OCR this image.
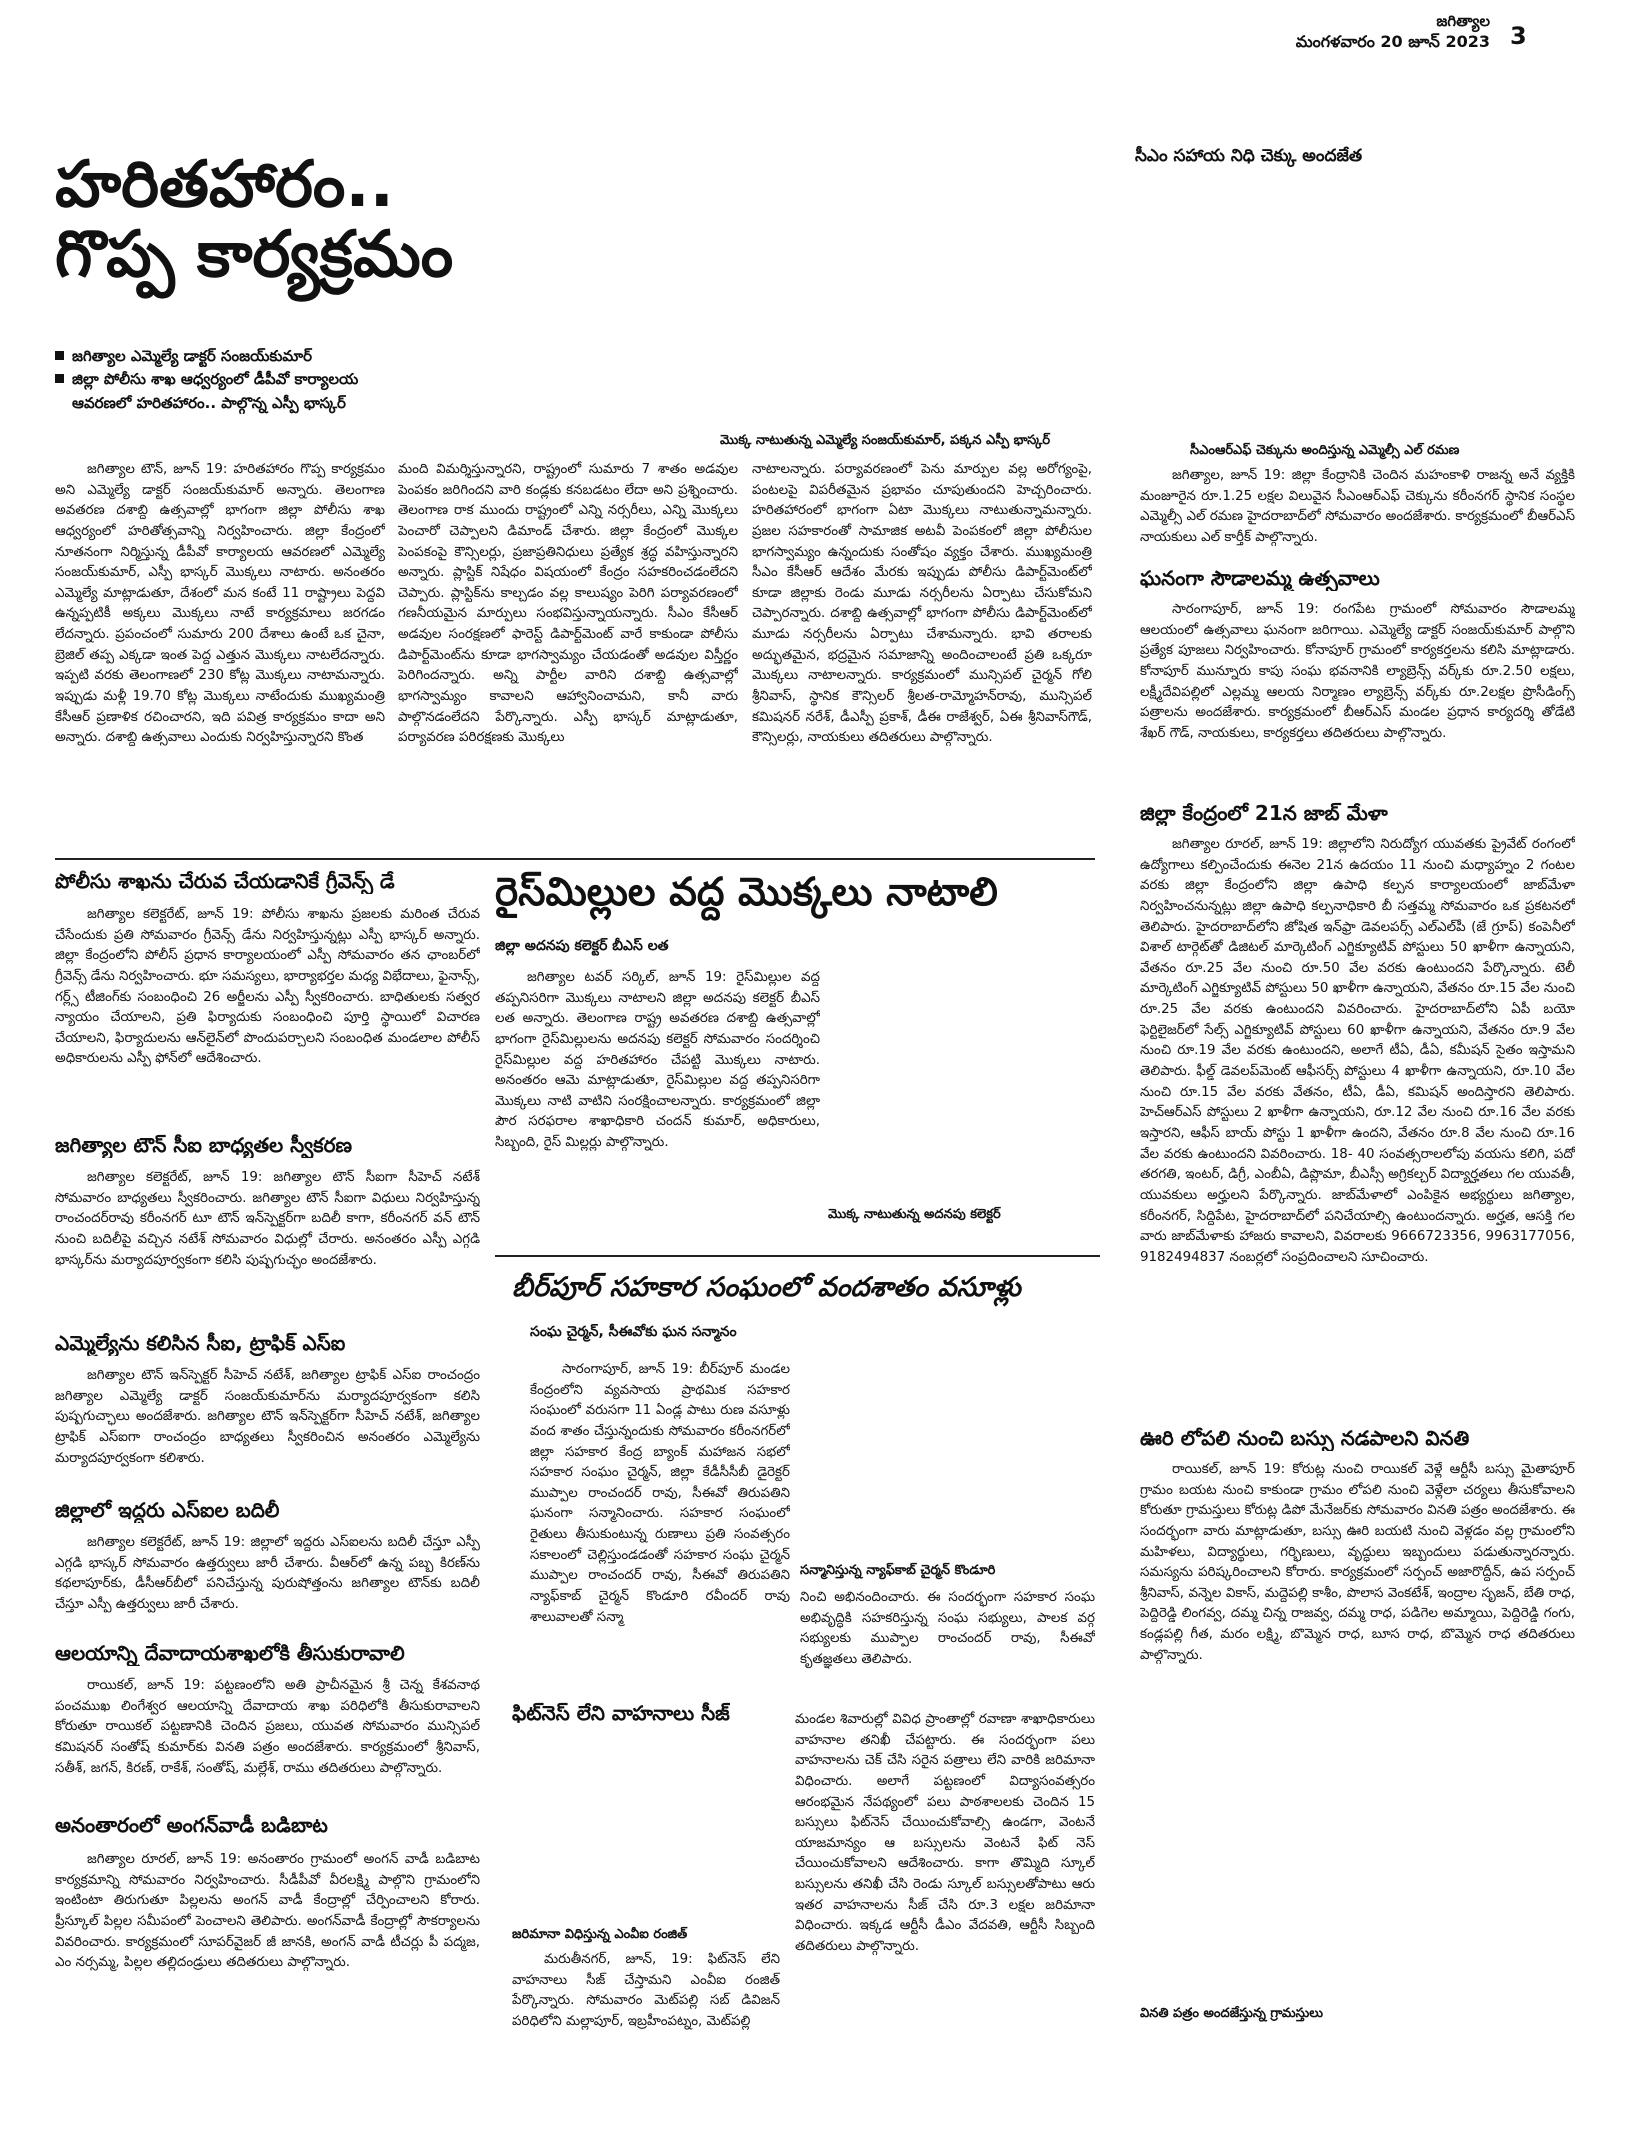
జగిత్యాల
మంగళవారం 20 జూన్‌ 2023 3
హరితహారం..
గొప్ప కార్యక్రమం
జగిత్యాల ఎమ్మెల్యే డాక్టర్‌ సంజయ్‌కుమార్‌
జిల్లా పోలీసు శాఖ ఆధ్వర్యంలో డీపీవో కార్యాలయ
ఆవరణలో హరితహారం.. పాల్గొన్న ఎస్పీ భాస్కర్‌
మొక్క నాటుతున్న ఎమ్మెల్యే సంజయ్‌కుమార్‌, పక్కన ఎస్పీ భాస్కర్‌

జగిత్యాల టౌన్‌, జూన్‌ 19: హరితహారం గొప్ప కార్యక్రమం అని ఎమ్మెల్యే డాక్టర్‌ సంజయ్‌కుమార్‌ అన్నారు. తెలంగాణ అవతరణ దశాబ్ది ఉత్సవాల్లో భాగంగా జిల్లా పోలీసు శాఖ ఆధ్వర్యంలో హరితోత్సవాన్ని నిర్వహించారు. జిల్లా కేంద్రంలో నూతనంగా నిర్మిస్తున్న డీపీవో కార్యాలయ ఆవరణలో ఎమ్మెల్యే సంజయ్‌కుమార్‌, ఎస్పీ భాస్కర్‌ మొక్కలు నాటారు. అనంతరం ఎమ్మెల్యే మాట్లాడుతూ, దేశంలో మన కంటే 11 రాష్ట్రాలు పెద్దవి ఉన్నప్పటికీ అక్కలు మొక్కలు నాటే కార్యక్రమాలు జరగడం లేదన్నారు. ప్రపంచంలో సుమారు 200 దేశాలు ఉంటే ఒక చైనా, బ్రెజిల్‌ తప్ప ఎక్కడా ఇంత పెద్ద ఎత్తున మొక్కలు నాటలేదన్నారు. ఇప్పటి వరకు తెలంగాణలో 230 కోట్ల మొక్కలు నాటామన్నారు. ఇప్పుడు మళ్లీ 19.70 కోట్ల మొక్కలు నాటేందుకు ముఖ్యమంత్రి కేసీఆర్‌ ప్రణాళిక రచించారని, ఇది పవిత్ర కార్యక్రమం కాదా అని అన్నారు. దశాబ్ది ఉత్సవాలు ఎందుకు నిర్వహిస్తున్నారని కొంత

మంది విమర్శిస్తున్నారని, రాష్ట్రంలో సుమారు 7 శాతం అడవుల పెంపకం జరిగిందని వారి కండ్లకు కనబడటం లేదా అని ప్రశ్నించారు. తెలంగాణ రాక ముందు రాష్ట్రంలో ఎన్ని నర్సరీలు, ఎన్ని మొక్కలు పెంచారో చెప్పాలని డిమాండ్‌ చేశారు. జిల్లా కేంద్రంలో మొక్కల పెంపకంపై కౌన్సిలర్లు, ప్రజాప్రతినిధులు ప్రత్యేక శ్రద్ధ వహిస్తున్నారని అన్నారు. ప్లాస్టిక్‌ నిషేధం విషయంలో కేంద్రం సహకరించడంలేదని చెప్పారు. ప్లాస్టిక్‌ను కాల్చడం వల్ల కాలుష్యం పెరిగి పర్యావరణంలో గణనీయమైన మార్పులు సంభవిస్తున్నాయన్నారు. సీఎం కేసీఆర్‌ అడవుల సంరక్షణలో ఫారెస్ట్‌ డిపార్ట్‌మెంట్‌ వారే కాకుండా పోలీసు డిపార్ట్‌మెంట్‌ను కూడా భాగస్వామ్యం చేయడంతో అడవుల విస్తీర్ణం పెరిగిందన్నారు. అన్ని పార్టీల వారిని దశాబ్ది ఉత్సవాల్లో భాగస్వామ్యం కావాలని ఆహ్వానించామని, కానీ వారు పాల్గొనడంలేదని పేర్కొన్నారు. ఎస్పీ భాస్కర్‌ మాట్లాడుతూ, పర్యావరణ పరిరక్షణకు మొక్కలు

నాటాలన్నారు. పర్యావరణంలో పెను మార్పుల వల్ల అరోగ్యంపై, పంటలపై విపరీతమైన ప్రభావం చూపుతుందని హెచ్చరించారు. హరితహారంలో భాగంగా ఏటా మొక్కలు నాటుతున్నామన్నారు. ప్రజల సహకారంతో సామాజిక అటవీ పెంపకంలో జిల్లా పోలీసుల భాగస్వామ్యం ఉన్నందుకు సంతోషం వ్యక్తం చేశారు. ముఖ్యమంత్రి సీఎం కేసీఆర్‌ ఆదేశం మేరకు ఇప్పుడు పోలీసు డిపార్ట్‌మెంట్‌లో కూడా జిల్లాకు రెండు మూడు నర్సరీలను ఏర్పాటు చేసుకోమని చెప్పారన్నారు. దశాబ్ది ఉత్సవాల్లో భాగంగా పోలీసు డిపార్ట్‌మెంట్‌లో మూడు నర్సరీలను ఏర్పాటు చేశామన్నారు. భావి తరాలకు అద్భుతమైన, భద్రమైన సమాజాన్ని అందించాలంటే ప్రతి ఒక్కరూ మొక్కలు నాటాలన్నారు. కార్యక్రమంలో మున్సిపల్‌ చైర్మన్‌ గోలి శ్రీనివాస్‌, స్థానిక కౌన్సిలర్‌ శ్రీలత-రామ్మోహన్‌రావు, మున్సిపల్‌ కమిషనర్‌ నరేశ్‌, డీఎస్పీ ప్రకాశ్‌, డీఈ రాజేశ్వర్‌, ఏఈ శ్రీనివాస్‌గౌడ్‌, కౌన్సిలర్లు, నాయకులు తదితరులు పాల్గొన్నారు.

సీఎం సహాయ నిధి చెక్కు అందజేత
సీఎంఆర్‌ఎఫ్‌ చెక్కును అందిస్తున్న ఎమ్మెల్సీ ఎల్‌ రమణ

జగిత్యాల, జూన్‌ 19: జిల్లా కేంద్రానికి చెందిన మహంకాళి రాజన్న అనే వ్యక్తికి మంజూరైన రూ.1.25 లక్షల విలువైన సీఎంఆర్‌ఎఫ్‌ చెక్కును కరీంనగర్‌ స్థానిక సంస్థల ఎమ్మెల్సీ ఎల్‌ రమణ హైదరాబాద్‌లో సోమవారం అందజేశారు. కార్యక్రమంలో బీఆర్‌ఎస్‌ నాయకులు ఎల్‌ కార్తీక్‌ పాల్గొన్నారు.

ఘనంగా సౌడాలమ్మ ఉత్సవాలు

సారంగాపూర్‌, జూన్‌ 19: రంగపేట గ్రామంలో సోమవారం సౌడాలమ్మ ఆలయంలో ఉత్సవాలు ఘనంగా జరిగాయి. ఎమ్మెల్యే డాక్టర్‌ సంజయ్‌కుమార్‌ పాల్గొని ప్రత్యేక పూజలు నిర్వహించారు. కోనాపూర్‌ గ్రామంలో కార్యకర్తలను కలిసి మాట్లాడారు. కోనాపూర్‌ మున్నూరు కాపు సంఘ భవనానికి ల్యాబ్రెన్స్‌ వర్క్‌కు రూ.2.50 లక్షలు, లక్ష్మీదేవిపల్లిలో ఎల్లమ్మ ఆలయ నిర్మాణం ల్యాబ్రెన్స్‌ వర్క్‌కు రూ.2లక్షల ప్రొసీడింగ్స్‌ పత్రాలను అందజేశారు. కార్యక్రమంలో బీఆర్‌ఎస్‌ మండల ప్రధాన కార్యదర్శి తోడేటి శేఖర్‌ గౌడ్‌, నాయకులు, కార్యకర్తలు తదితరులు పాల్గొన్నారు.

జిల్లా కేంద్రంలో 21న జాబ్‌ మేళా

జగిత్యాల రూరల్‌, జూన్‌ 19: జిల్లాలోని నిరుద్యోగ యువతకు ప్రైవేట్‌ రంగంలో ఉద్యోగాలు కల్పించేందుకు ఈనెల 21న ఉదయం 11 నుంచి మధ్యాహ్నం 2 గంటల వరకు జిల్లా కేంద్రంలోని జిల్లా ఉపాధి కల్పన కార్యాలయంలో జాబ్‌మేళా నిర్వహించనున్నట్లు జిల్లా ఉపాధి కల్పనాధికారి బీ సత్తమ్మ సోమవారం ఒక ప్రకటనలో తెలిపారు. హైదరాబాద్‌లోని జోషిత ఇన్‌ఫ్రా డెవలపర్స్‌ ఎల్‌ఎల్‌పీ (జే గ్రూప్‌) కంపెనీలో విశాల్‌ టార్గెట్‌తో డిజిటల్‌ మార్కెటింగ్‌ ఎగ్జిక్యూటివ్‌ పోస్టులు 50 ఖాళీగా ఉన్నాయని, వేతనం రూ.25 వేల నుంచి రూ.50 వేల వరకు ఉంటుందని పేర్కొన్నారు. టెలీ మార్కెటింగ్‌ ఎగ్జిక్యూటివ్‌ పోస్టులు 50 ఖాళీగా ఉన్నాయని, వేతనం రూ.15 వేల నుంచి రూ.25 వేల వరకు ఉంటుందని వివరించారు. హైదరాబాద్‌లోని ఏపీ బయో ఫెర్టిలైజర్‌లో సేల్స్‌ ఎగ్జిక్యూటివ్‌ పోస్టులు 60 ఖాళీగా ఉన్నాయని, వేతనం రూ.9 వేల నుంచి రూ.19 వేల వరకు ఉంటుందని, అలాగే టీఏ, డీఏ, కమీషన్‌ సైతం ఇస్తామని తెలిపారు. ఫీల్డ్‌ డెవలప్‌మెంట్‌ ఆఫీసర్స్‌ పోస్టులు 4 ఖాళీగా ఉన్నాయని, రూ.10 వేల నుంచి రూ.15 వేల వరకు వేతనం, టీఏ, డీఏ, కమిషన్‌ అందిస్తారని తెలిపారు. హెచ్‌ఆర్‌ఎస్‌ పోస్టులు 2 ఖాళీగా ఉన్నాయని, రూ.12 వేల నుంచి రూ.16 వేల వరకు ఇస్తారని, ఆఫీస్‌ బాయ్‌ పోస్టు 1 ఖాళీగా ఉందని, వేతనం రూ.8 వేల నుంచి రూ.16 వేల వరకు ఉంటుందని వివరించారు. 18- 40 సంవత్సరాలలోపు వయసు కలిగి, పదో తరగతి, ఇంటర్‌, డిగ్రీ, ఎంబీఏ, డిప్లొమా, బీఎస్సీ అగ్రికల్చర్‌ విద్యార్హతలు గల యువతీ, యువకులు అర్హులని పేర్కొన్నారు. జాబ్‌మేళాలో ఎంపికైన అభ్యర్థులు జగిత్యాల, కరీంనగర్‌, సిద్దిపేట, హైదరాబాద్‌లో పనిచేయాల్సి ఉంటుందన్నారు. అర్హత, ఆసక్తి గల వారు జాబ్‌మేళాకు హాజరు కావాలని, వివరాలకు 9666723356, 9963177056, 9182494837 నంబర్లలో సంప్రదించాలని సూచించారు.

ఊరి లోపలి నుంచి బస్సు నడపాలని వినతి

రాయికల్‌, జూన్‌ 19: కోరుట్ల నుంచి రాయికల్‌ వెళ్లే ఆర్టీసీ బస్సు మైతాపూర్‌ గ్రామం బయట నుంచి కాకుండా గ్రామం లోపలి నుంచి వెళ్లేలా చర్యలు తీసుకోవాలని కోరుతూ గ్రామస్తులు కోరుట్ల డిపో మేనేజర్‌కు సోమవారం వినతి పత్రం అందజేశారు. ఈ సందర్భంగా వారు మాట్లాడుతూ, బస్సు ఊరి బయటి నుంచి వెళ్లడం వల్ల గ్రామంలోని మహిళలు, విద్యార్థులు, గర్భిణులు, వృద్ధులు ఇబ్బందులు పడుతున్నారన్నారు. సమస్యను పరిష్కరించాలని కోరారు. కార్యక్రమంలో సర్పంచ్‌ అజారొద్దీన్‌, ఉప సర్పంచ్‌ శ్రీనివాస్‌, వన్నెల వికాస్‌, మద్దెపల్లి కాశీం, పొలాస వెంకటేశ్‌, ఇంద్రాల సృజన్‌, బేతి రాధ, పెద్దిరెడ్డి లింగవ్వ, దమ్మ చిన్న రాజవ్వ, దమ్మ రాధ, పడిగెల అమ్మాయి, పెద్దిరెడ్డి గంగు, కండ్లపల్లి గీత, మరం లక్ష్మి, బొమ్మెన రాధ, బూస రాధ, బొమ్మెన రాధ తదితరులు పాల్గొన్నారు.

వినతి పత్రం అందజేస్తున్న గ్రామస్తులు
పోలీసు శాఖను చేరువ చేయడానికే గ్రీవెన్స్‌ డే

జగిత్యాల కలెక్టరేట్‌, జూన్‌ 19: పోలీసు శాఖను ప్రజలకు మరింత చేరువ చేసేందుకు ప్రతి సోమవారం గ్రీవెన్స్‌ డేను నిర్వహిస్తున్నట్లు ఎస్పీ భాస్కర్‌ అన్నారు. జిల్లా కేంద్రంలోని పోలీస్‌ ప్రధాన కార్యాలయంలో ఎస్పీ సోమవారం తన ఛాంబర్‌లో గ్రీవెన్స్‌ డేను నిర్వహించారు. భూ సమస్యలు, భార్యాభర్తల మధ్య విభేదాలు, ఫైనాన్స్‌, గర్ల్స్‌ టీజింగ్‌కు సంబంధించి 26 అర్జీలను ఎస్పీ స్వీకరించారు. బాధితులకు సత్వర న్యాయం చేయాలని, ప్రతి ఫిర్యాదుకు సంబంధించి పూర్తి స్థాయిలో విచారణ చేయాలని, ఫిర్యాదులను ఆన్‌లైన్‌లో పొందుపర్చాలని సంబంధిత మండలాల పోలీస్‌ అధికారులను ఎస్పీ ఫోన్‌లో ఆదేశించారు.

జగిత్యాల టౌన్‌ సీఐ బాధ్యతల స్వీకరణ

జగిత్యాల కలెక్టరేట్‌, జూన్‌ 19: జగిత్యాల టౌన్‌ సీఐగా సీహెచ్‌ నటేశ్‌ సోమవారం బాధ్యతలు స్వీకరించారు. జగిత్యాల టౌన్‌ సీఐగా విధులు నిర్వహిస్తున్న రాంచందర్‌రావు కరీంనగర్‌ టూ టౌన్‌ ఇన్‌స్పెక్టర్‌గా బదిలీ కాగా, కరీంనగర్‌ వన్‌ టౌన్‌ నుంచి బదిలీపై వచ్చిన నటేశ్‌ సోమవారం విధుల్లో చేరారు. అనంతరం ఎస్పీ ఎగ్గడి భాస్కర్‌ను మర్యాదపూర్వకంగా కలిసి పుష్పగుచ్ఛం అందజేశారు.

ఎమ్మెల్యేను కలిసిన సీఐ, ట్రాఫిక్‌ ఎస్‌ఐ

జగిత్యాల టౌన్‌ ఇన్‌స్పెక్టర్‌ సీహెచ్‌ నటేశ్‌, జగిత్యాల ట్రాఫిక్‌ ఎస్‌ఐ రాంచంద్రం జగిత్యాల ఎమ్మెల్యే డాక్టర్‌ సంజయ్‌కుమార్‌ను మర్యాదపూర్వకంగా కలిసి పుష్పగుచ్ఛాలు అందజేశారు. జగిత్యాల టౌన్‌ ఇన్‌స్పెక్టర్‌గా సీహెచ్‌ నటేశ్‌, జగిత్యాల ట్రాఫిక్‌ ఎస్‌ఐగా రాంచంద్రం బాధ్యతలు స్వీకరించిన అనంతరం ఎమ్మెల్యేను మర్యాదపూర్వకంగా కలిశారు.

జిల్లాలో ఇద్దరు ఎస్‌ఐల బదిలీ

జగిత్యాల కలెక్టరేట్‌, జూన్‌ 19: జిల్లాలో ఇద్దరు ఎస్‌ఐలను బదిలీ చేస్తూ ఎస్పీ ఎగ్గడి భాస్కర్‌ సోమవారం ఉత్తర్వులు జారీ చేశారు. వీఆర్‌లో ఉన్న పబ్బ కిరణ్‌ను కథలాపూర్‌కు, డీసీఆర్‌బీలో పనిచేస్తున్న పురుషోత్తంను జగిత్యాల టౌన్‌కు బదిలీ చేస్తూ ఎస్పీ ఉత్తర్వులు జారీ చేశారు.

ఆలయాన్ని దేవాదాయశాఖలోకి తీసుకురావాలి

రాయికల్‌, జూన్‌ 19: పట్టణంలోని అతి ప్రాచీనమైన శ్రీ చెన్న కేశవనాథ పంచముఖ లింగేశ్వర ఆలయాన్ని దేవాదాయ శాఖ పరిధిలోకి తీసుకురావాలని కోరుతూ రాయికల్‌ పట్టణానికి చెందిన ప్రజలు, యువత సోమవారం మున్సిపల్‌ కమిషనర్‌ సంతోష్‌ కుమార్‌కు వినతి పత్రం అందజేశారు. కార్యక్రమంలో శ్రీనివాస్‌, సతీశ్‌, జగన్‌, కిరణ్‌, రాకేశ్‌, సంతోష్‌, మల్లేశ్‌, రాము తదితరులు పాల్గొన్నారు.

అనంతారంలో అంగన్‌వాడీ బడిబాట

జగిత్యాల రూరల్‌, జూన్‌ 19: అనంతారం గ్రామంలో అంగన్‌ వాడీ బడిబాట కార్యక్రమాన్ని సోమవారం నిర్వహించారు. సీడీపీవో వీరలక్ష్మి పాల్గొని గ్రామంలోని ఇంటింటా తిరుగుతూ పిల్లలను అంగన్‌ వాడీ కేంద్రాల్లో చేర్పించాలని కోరారు. ప్రీస్కూల్‌ పిల్లల సమీపంలో పెంచాలని తెలిపారు. అంగన్‌వాడీ కేంద్రాల్లో సౌకర్యాలను వివరించారు. కార్యక్రమంలో సూపర్‌వైజర్‌ జీ జానకి, అంగన్‌ వాడీ టీచర్లు పీ పద్మజ, ఎం నర్సమ్మ, పిల్లల తల్లిదండ్రులు తదితరులు పాల్గొన్నారు.

రైస్‌మిల్లుల వద్ద మొక్కలు నాటాలి
జిల్లా అదనపు కలెక్టర్‌ బీఎస్‌ లత

జగిత్యాల టవర్‌ సర్కిల్‌, జూన్‌ 19: రైస్‌మిల్లుల వద్ద తప్పనిసరిగా మొక్కలు నాటాలని జిల్లా అదనపు కలెక్టర్‌ బీఎస్‌ లత అన్నారు. తెలంగాణ రాష్ట్ర అవతరణ దశాబ్ది ఉత్సవాల్లో భాగంగా రైస్‌మిల్లులను అదనపు కలెక్టర్‌ సోమవారం సందర్శించి రైస్‌మిల్లుల వద్ద హరితహారం చేపట్టి మొక్కలు నాటారు. అనంతరం ఆమె మాట్లాడుతూ, రైస్‌మిల్లుల వద్ద తప్పనిసరిగా మొక్కలు నాటి వాటిని సంరక్షించాలన్నారు. కార్యక్రమంలో జిల్లా పౌర సరఫరాల శాఖాధికారి చందన్‌ కుమార్‌, అధికారులు, సిబ్బంది, రైస్‌ మిల్లర్లు పాల్గొన్నారు.

మొక్క నాటుతున్న అదనపు కలెక్టర్‌
బీర్‌పూర్‌ సహకార సంఘంలో వందశాతం వసూళ్లు
సంఘ చైర్మన్‌, సీఈవోకు ఘన సన్మానం

సారంగాపూర్‌, జూన్‌ 19: బీర్‌పూర్‌ మండల కేంద్రంలోని వ్యవసాయ ప్రాథమిక సహకార సంఘంలో వరుసగా 11 ఏండ్ల పాటు రుణ వసూళ్లు వంద శాతం చేస్తున్నందుకు సోమవారం కరీంనగర్‌లో జిల్లా సహకార కేంద్ర బ్యాంక్‌ మహాజన సభలో సహకార సంఘం చైర్మన్‌, జిల్లా కేడీసీసీబీ డైరెక్టర్‌ ముప్పాల రాంచందర్‌ రావు, సీఈవో తిరుపతిని ఘనంగా సన్మానించారు. సహకార సంఘంలో రైతులు తీసుకుంటున్న రుణాలు ప్రతి సంవత్సరం సకాలంలో చెల్లిస్తుండడంతో సహకార సంఘ చైర్మన్‌ ముప్పాల రాంచందర్‌ రావు, సీఈవో తిరుపతిని న్యాఫ్‌కాబ్‌ చైర్మన్‌ కొండూరి రవీందర్‌ రావు శాలువాలతో సన్మా

సన్మానిస్తున్న న్యాఫ్‌కాబ్‌ చైర్మన్‌ కొండూరి

నించి అభినందించారు. ఈ సందర్భంగా సహకార సంఘ అభివృద్ధికి సహకరిస్తున్న సంఘ సభ్యులు, పాలక వర్గ సభ్యులకు ముప్పాల రాంచందర్‌ రావు, సీఈవో కృతజ్ఞతలు తెలిపారు.

ఫిట్‌నెస్‌ లేని వాహనాలు సీజ్‌
జరిమానా విధిస్తున్న ఎంవీఐ రంజిత్‌

మరుతీనగర్‌, జూన్‌, 19: ఫిట్‌నెస్‌ లేని వాహనాలు సీజ్‌ చేస్తామని ఎంవీఐ రంజిత్‌ పేర్కొన్నారు. సోమవారం మెట్‌పల్లి సబ్‌ డివిజన్‌ పరిధిలోని మల్లాపూర్‌, ఇబ్రహీంపట్నం, మెట్‌పల్లి

మండల శివారుల్లో వివిధ ప్రాంతాల్లో రవాణా శాఖాధికారులు వాహనాల తనిఖీ చేపట్టారు. ఈ సందర్భంగా పలు వాహనాలను చెక్‌ చేసి సరైన పత్రాలు లేని వారికి జరిమానా విధించారు. అలాగే పట్టణంలో విద్యాసంవత్సరం ఆరంభమైన నేపథ్యంలో పలు పాఠశాలలకు చెందిన 15 బస్సులు ఫిట్‌నెస్‌ చేయించుకోవాల్సి ఉండగా, వెంటనే యాజమాన్యం ఆ బస్సులను వెంటనే ఫిట్‌ నెస్‌ చేయించుకోవాలని ఆదేశించారు. కాగా తొమ్మిది స్కూల్‌ బస్సులను తనిఖీ చేసి రెండు స్కూల్‌ బస్సులతోపాటు ఆరు ఇతర వాహనాలను సీజ్‌ చేసి రూ.3 లక్షల జరిమానా విధించారు. ఇక్కడ ఆర్టీసీ డీఎం వేదవతి, ఆర్టీసీ సిబ్బంది తదితరులు పాల్గొన్నారు.
